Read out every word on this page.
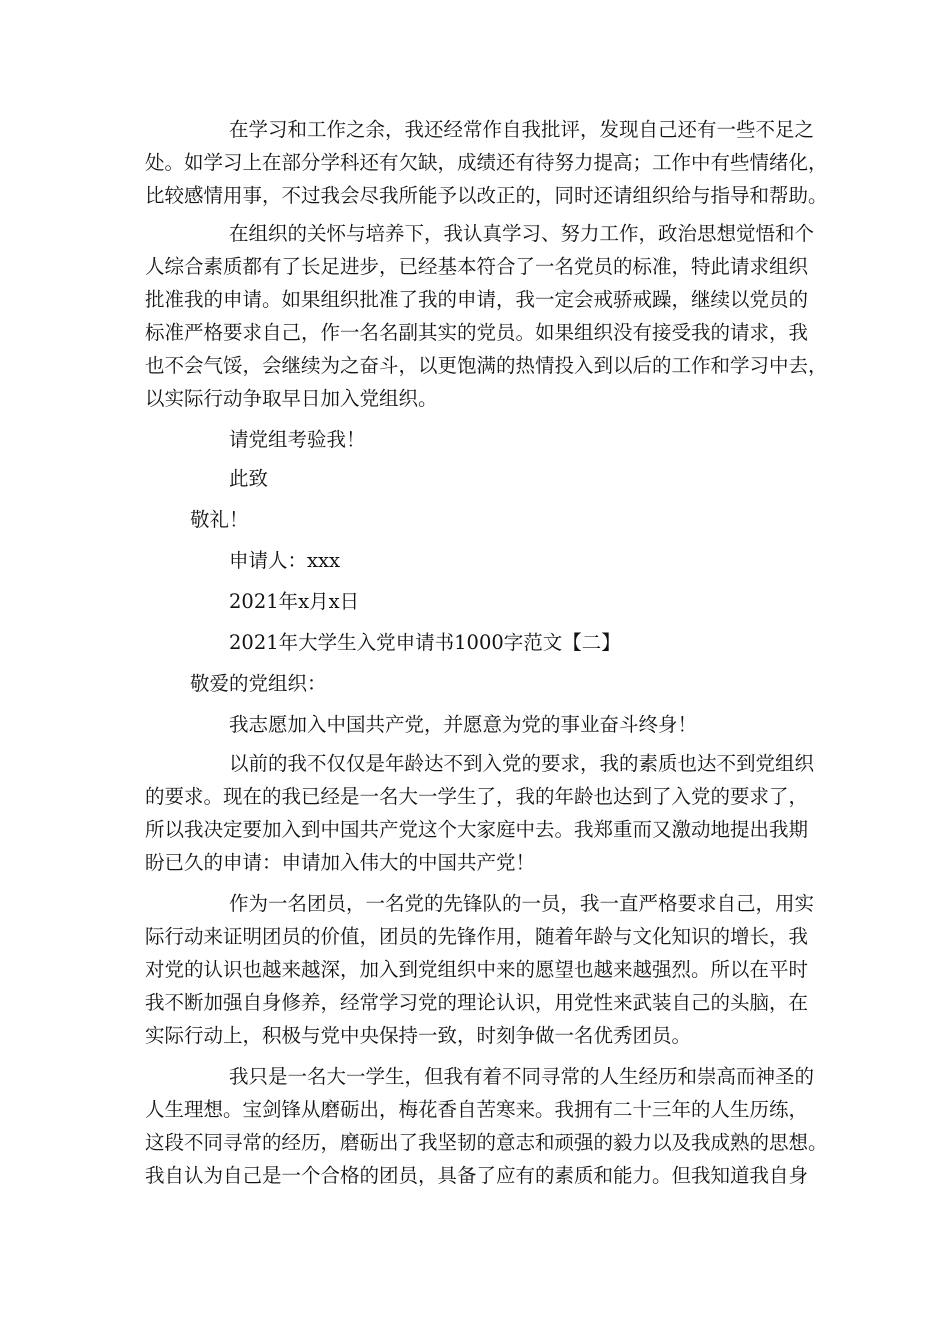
在学习和工作之余，我还经常作自我批评，发现自己还有一些不足之
处。如学习上在部分学科还有欠缺，成绩还有待努力提高；工作中有些情绪化，
比较感情用事，不过我会尽我所能予以改正的，同时还请组织给与指导和帮助。
在组织的关怀与培养下，我认真学习、努力工作，政治思想觉悟和个
人综合素质都有了长足进步，已经基本符合了一名党员的标准，特此请求组织
批准我的申请。如果组织批准了我的申请，我一定会戒骄戒躁，继续以党员的
标准严格要求自己，作一名名副其实的党员。如果组织没有接受我的请求，我
也不会气馁，会继续为之奋斗，以更饱满的热情投入到以后的工作和学习中去，
以实际行动争取早日加入党组织。

请党组考验我！

此致

敬礼！

申请人：xxx

2021年x月x日

2021年大学生入党申请书1000字范文【二】

敬爱的党组织：

我志愿加入中国共产党，并愿意为党的事业奋斗终身！

以前的我不仅仅是年龄达不到入党的要求，我的素质也达不到党组织
的要求。现在的我已经是一名大一学生了，我的年龄也达到了入党的要求了，
所以我决定要加入到中国共产党这个大家庭中去。我郑重而又激动地提出我期
盼已久的申请：申请加入伟大的中国共产党！
作为一名团员，一名党的先锋队的一员，我一直严格要求自己，用实
际行动来证明团员的价值，团员的先锋作用，随着年龄与文化知识的增长，我
对党的认识也越来越深，加入到党组织中来的愿望也越来越强烈。所以在平时
我不断加强自身修养，经常学习党的理论认识，用党性来武装自己的头脑，在
实际行动上，积极与党中央保持一致，时刻争做一名优秀团员。
我只是一名大一学生，但我有着不同寻常的人生经历和崇高而神圣的
人生理想。宝剑锋从磨砺出，梅花香自苦寒来。我拥有二十三年的人生历练，
这段不同寻常的经历，磨砺出了我坚韧的意志和顽强的毅力以及我成熟的思想。
我自认为自己是一个合格的团员，具备了应有的素质和能力。但我知道我自身
